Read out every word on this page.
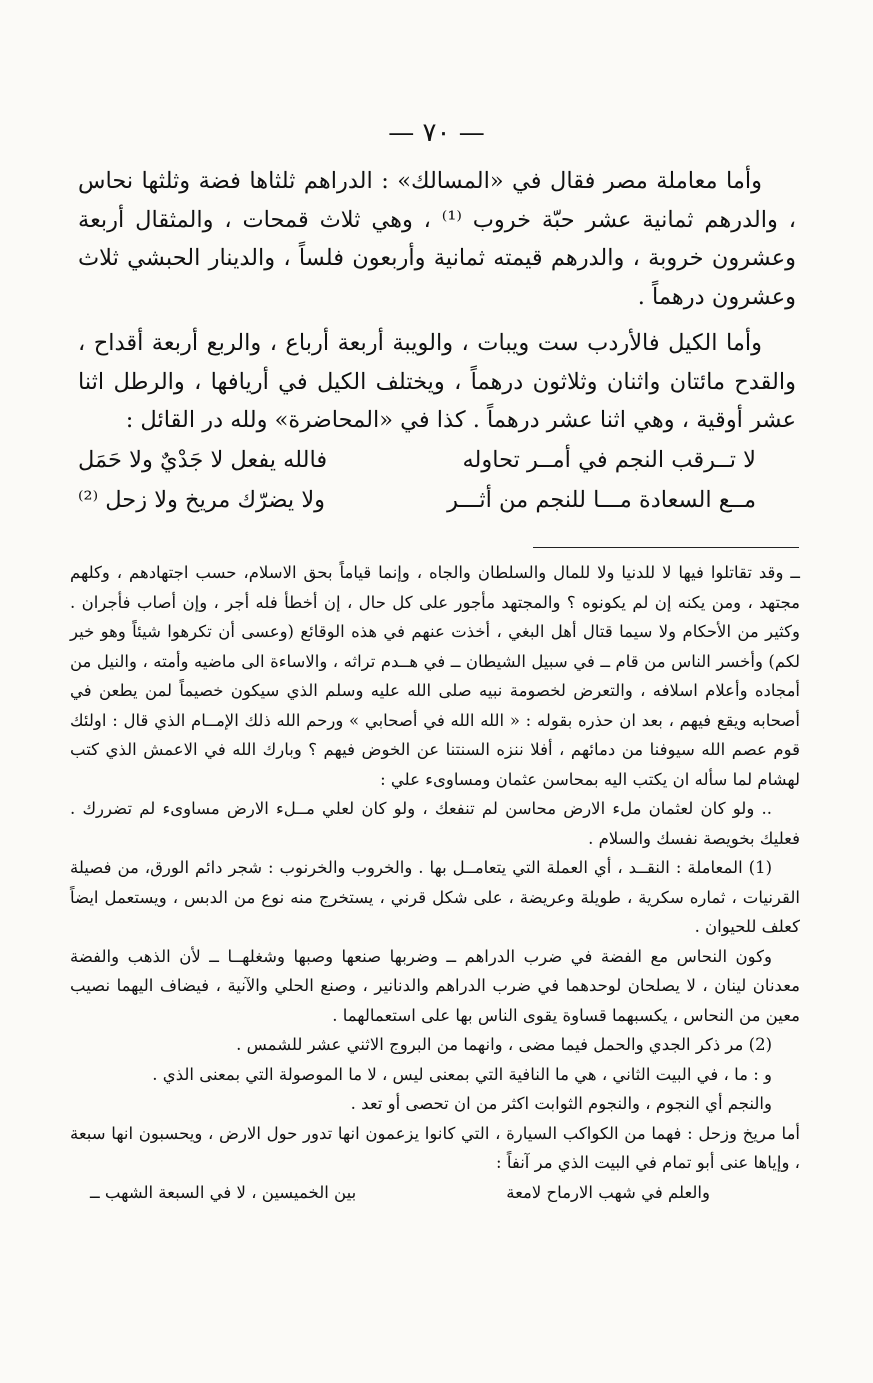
— ٧٠ —

وأما معاملة مصر فقال في «المسالك» : الدراهم ثلثاها فضة وثلثها نحاس ، والدرهم ثمانية عشر حبّة خروب ⁽¹⁾ ، وهي ثلاث قمحات ، والمثقال أربعة وعشرون خروبة ، والدرهم قيمته ثمانية وأربعون فلساً ، والدينار الحبشي ثلاث وعشرون درهماً .

وأما الكيل فالأردب ست ويبات ، والويبة أربعة أرباع ، والربع أربعة أقداح ، والقدح مائتان واثنان وثلاثون درهماً ، ويختلف الكيل في أريافها ، والرطل اثنا عشر أوقية ، وهي اثنا عشر درهماً . كذا في «المحاضرة» ولله در القائل :

لا تــرقب النجم في أمــر تحاوله
فالله يفعل لا جَدْيٌ ولا حَمَل
مــع السعادة مـــا للنجم من أثـــر
ولا يضرّك مريخ ولا زحل ⁽²⁾

ــ وقد تقاتلوا فيها لا للدنيا ولا للمال والسلطان والجاه ، وإنما قياماً بحق الاسلام، حسب اجتهادهم ، وكلهم مجتهد ، ومن يكنه إن لم يكونوه ؟ والمجتهد مأجور على كل حال ، إن أخطأ فله أجر ، وإن أصاب فأجران . وكثير من الأحكام ولا سيما قتال أهل البغي ، أخذت عنهم في هذه الوقائع (وعسى أن تكرهوا شيئاً وهو خير لكم) وأخسر الناس من قام ــ في سبيل الشيطان ــ في هــدم تراثه ، والاساءة الى ماضيه وأمته ، والنيل من أمجاده وأعلام اسلافه ، والتعرض لخصومة نبيه صلى الله عليه وسلم الذي سيكون خصيماً لمن يطعن في أصحابه ويقع فيهم ، بعد ان حذره بقوله : « الله الله في أصحابي » ورحم الله ذلك الإمــام الذي قال : اولئك قوم عصم الله سيوفنا من دمائهم ، أفلا ننزه السنتنا عن الخوض فيهم ؟ وبارك الله في الاعمش الذي كتب لهشام لما سأله ان يكتب اليه بمحاسن عثمان ومساوىء علي :

.. ولو كان لعثمان ملء الارض محاسن لم تنفعك ، ولو كان لعلي مــلء الارض مساوىء لم تضررك . فعليك بخويصة نفسك والسلام .

(1) المعاملة : النقــد ، أي العملة التي يتعامــل بها . والخروب والخرنوب : شجر دائم الورق، من فصيلة القرنيات ، ثماره سكرية ، طويلة وعريضة ، على شكل قرني ، يستخرج منه نوع من الدبس ، ويستعمل ايضاً كعلف للحيوان .

وكون النحاس مع الفضة في ضرب الدراهم ــ وضربها صنعها وصبها وشغلهــا ــ لأن الذهب والفضة معدنان لينان ، لا يصلحان لوحدهما في ضرب الدراهم والدنانير ، وصنع الحلي والآنية ، فيضاف اليهما نصيب معين من النحاس ، يكسبهما قساوة يقوى الناس بها على استعمالهما .

(2) مر ذكر الجدي والحمل فيما مضى ، وانهما من البروج الاثني عشر للشمس .

و : ما ، في البيت الثاني ، هي ما النافية التي بمعنى ليس ، لا ما الموصولة التي بمعنى الذي .

والنجم أي النجوم ، والنجوم الثوابت اكثر من ان تحصى أو تعد .

أما مريخ وزحل : فهما من الكواكب السيارة ، التي كانوا يزعمون انها تدور حول الارض ، ويحسبون انها سبعة ، وإياها عنى أبو تمام في البيت الذي مر آنفاً :

والعلم في شهب الارماح لامعة
بين الخميسين ، لا في السبعة الشهب ــ
